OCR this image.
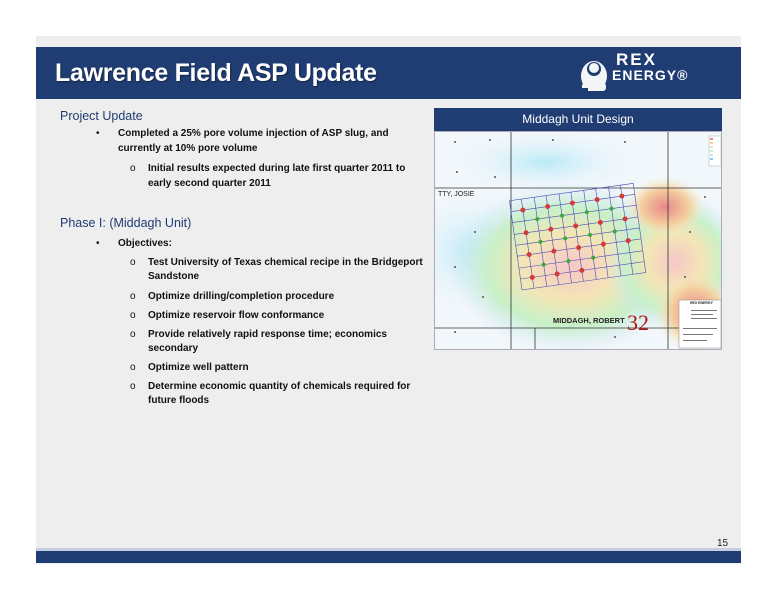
Lawrence Field ASP Update	REX
ENERGY®
Project Update
• Completed a 25% pore volume injection of ASP slug, and
currently at 10% pore volume
o Initial results expected during late first quarter 2011 to
early second quarter 2011
Phase I: (Middagh Unit)
• Objectives:
o Test University of Texas chemical recipe in the Bridgeport
Sandstone
o Optimize drilling/completion procedure
o Optimize reservoir flow conformance
o Provide relatively rapid response time; economics
secondary
o Optimize well pattern
o Determine economic quantity of chemicals required for
future floods
Middagh Unit Design
TTY, JOSIE
MIDDAGH, ROBERT 32
REX ENERGY
15
